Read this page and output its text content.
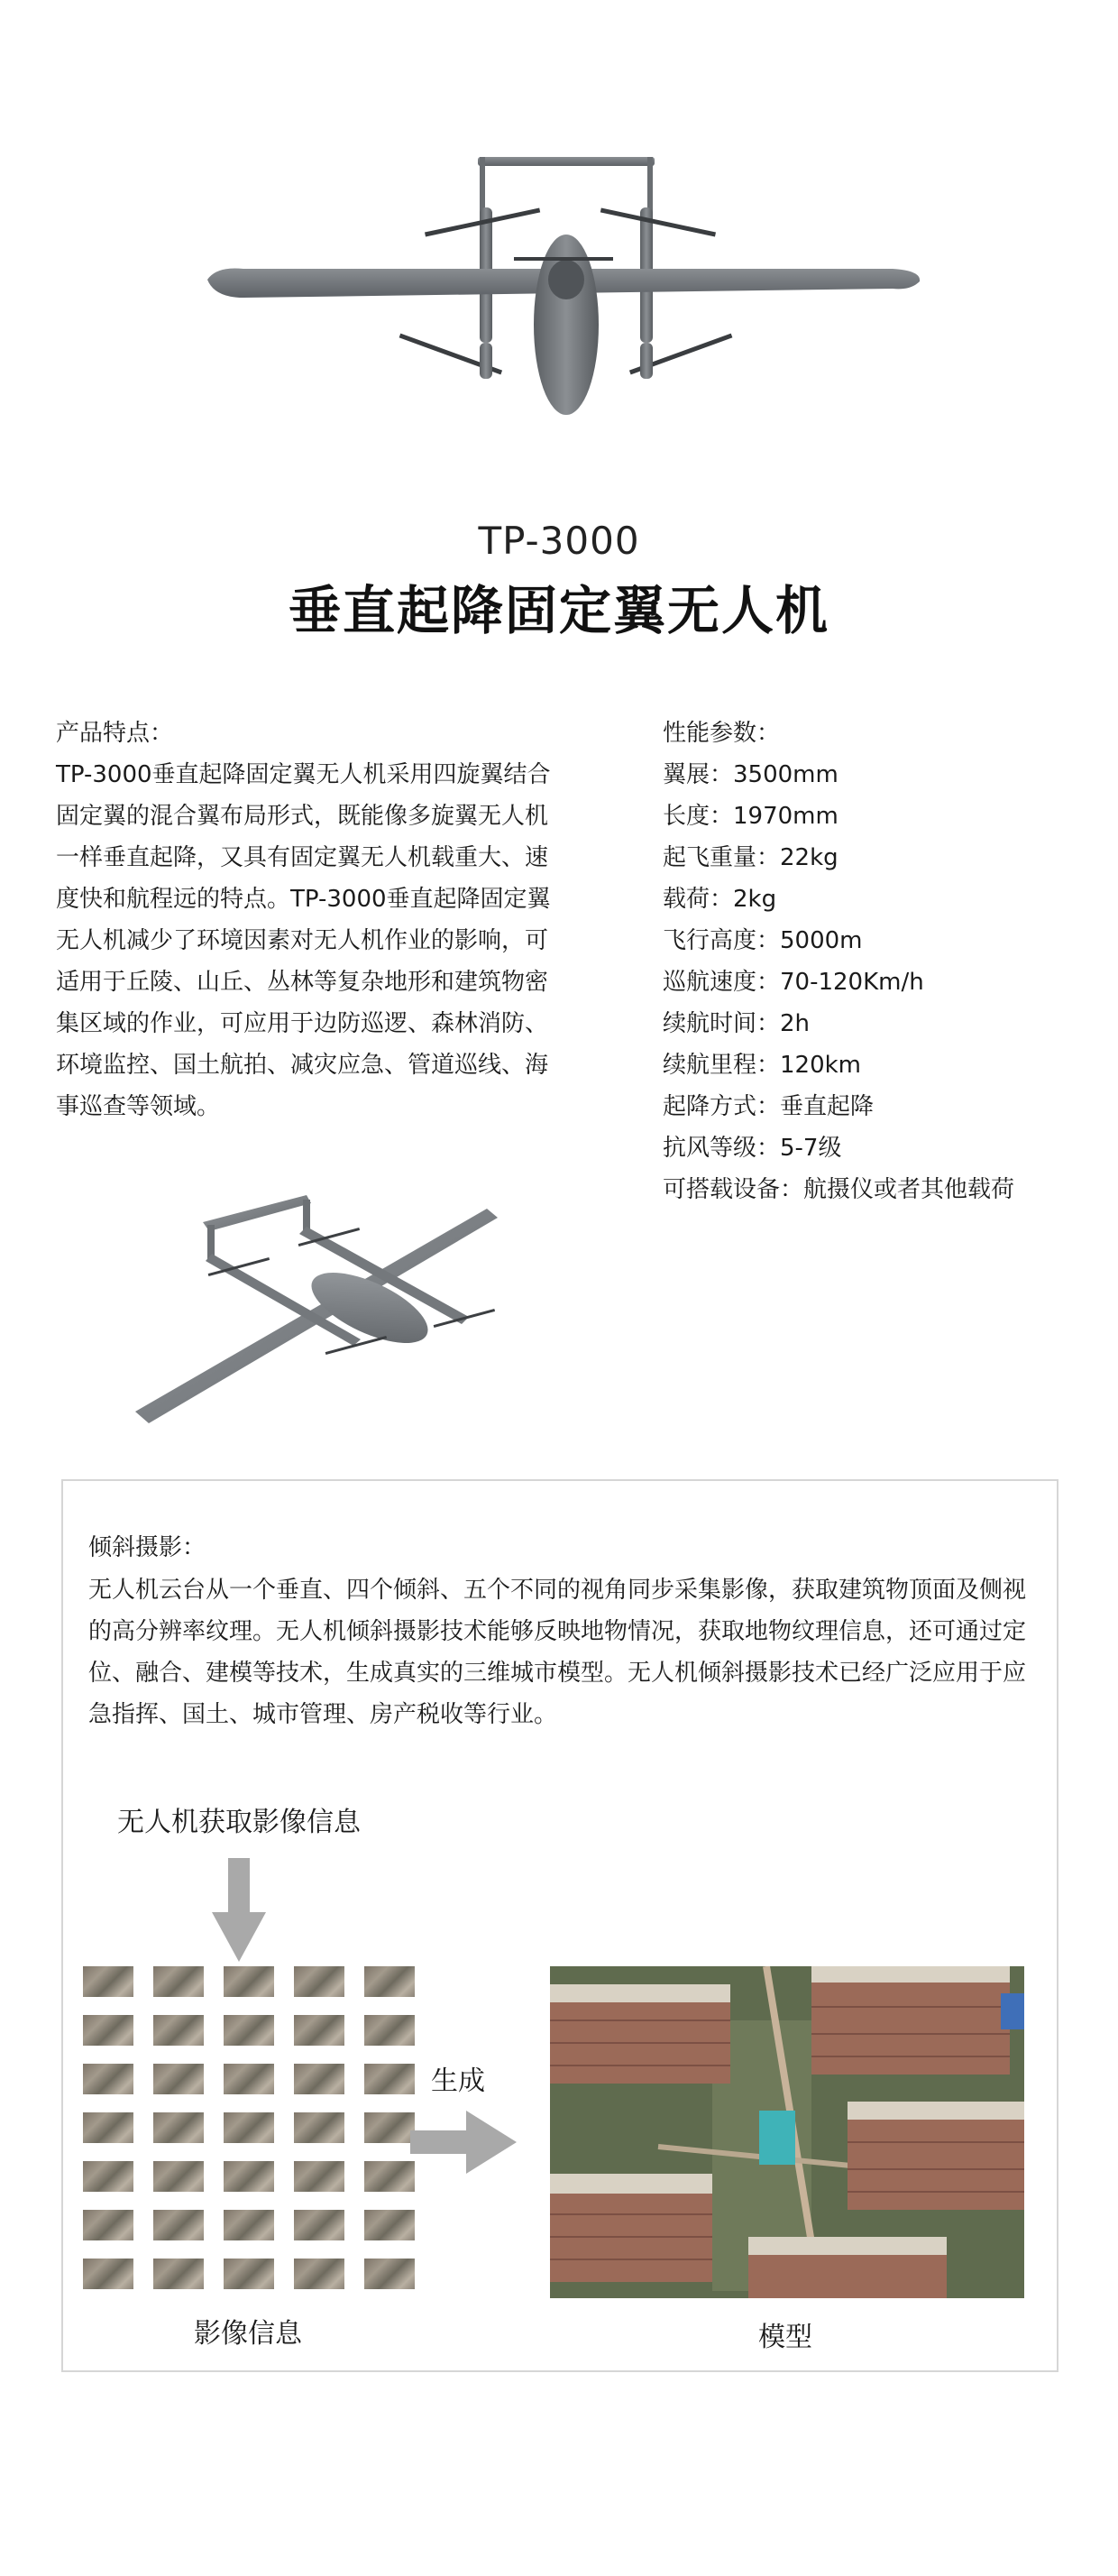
TP-3000
垂直起降固定翼无人机
产品特点：
TP-3000垂直起降固定翼无人机采用四旋翼结合固定翼的混合翼布局形式，既能像多旋翼无人机一样垂直起降，又具有固定翼无人机载重大、速度快和航程远的特点。TP-3000垂直起降固定翼无人机减少了环境因素对无人机作业的影响，可适用于丘陵、山丘、丛林等复杂地形和建筑物密集区域的作业，可应用于边防巡逻、森林消防、环境监控、国土航拍、减灾应急、管道巡线、海事巡查等领域。
性能参数：
翼展：3500mm
长度：1970mm
起飞重量：22kg
载荷：2kg
飞行高度：5000m
巡航速度：70-120Km/h
续航时间：2h
续航里程：120km
起降方式：垂直起降
抗风等级：5-7级
可搭载设备：航摄仪或者其他载荷
倾斜摄影：
无人机云台从一个垂直、四个倾斜、五个不同的视角同步采集影像，获取建筑物顶面及侧视的高分辨率纹理。无人机倾斜摄影技术能够反映地物情况，获取地物纹理信息，还可通过定位、融合、建模等技术，生成真实的三维城市模型。无人机倾斜摄影技术已经广泛应用于应急指挥、国土、城市管理、房产税收等行业。
无人机获取影像信息
生成
影像信息	模型
